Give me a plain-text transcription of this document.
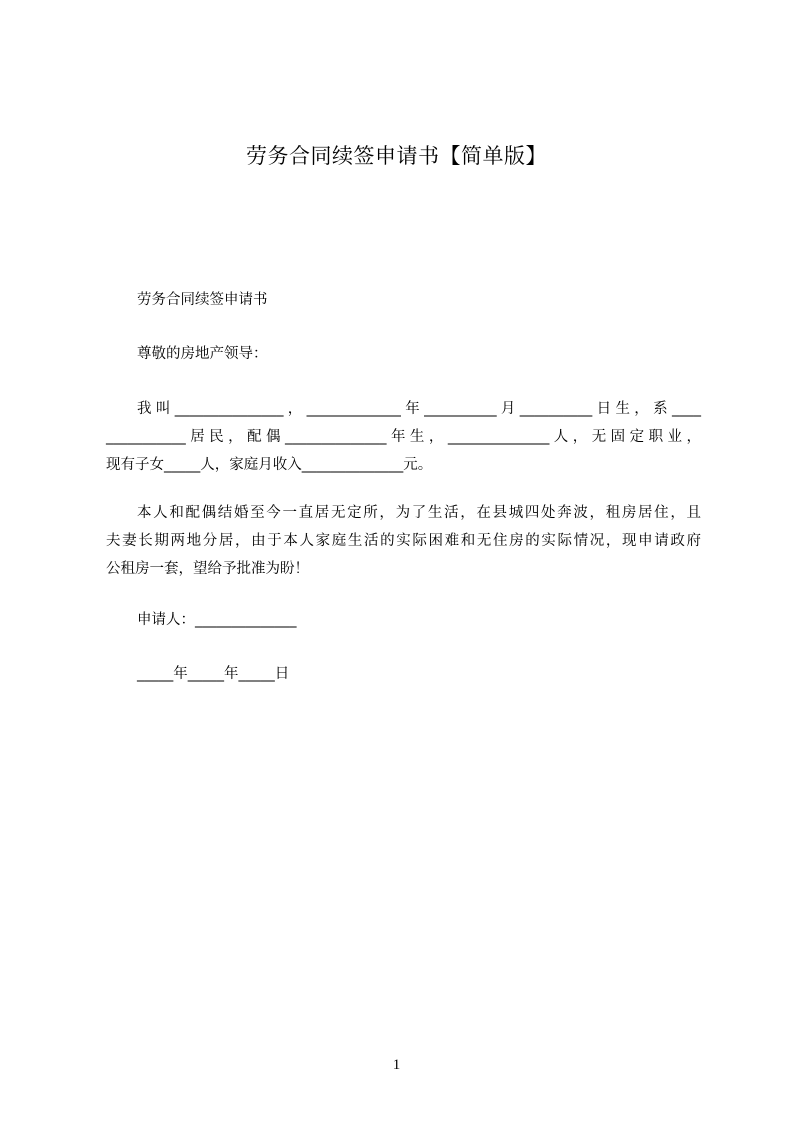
劳务合同续签申请书【简单版】
劳务合同续签申请书
尊敬的房地产领导：
我叫_______________，_____________年__________月__________日生，系____
___________居民，配偶______________年生，______________人，无固定职业，
现有子女_____人，家庭月收入______________元。
本人和配偶结婚至今一直居无定所，为了生活，在县城四处奔波，租房居住，且
夫妻长期两地分居，由于本人家庭生活的实际困难和无住房的实际情况，现申请政府
公租房一套，望给予批准为盼！
申请人：______________
_____年_____年_____日
1
